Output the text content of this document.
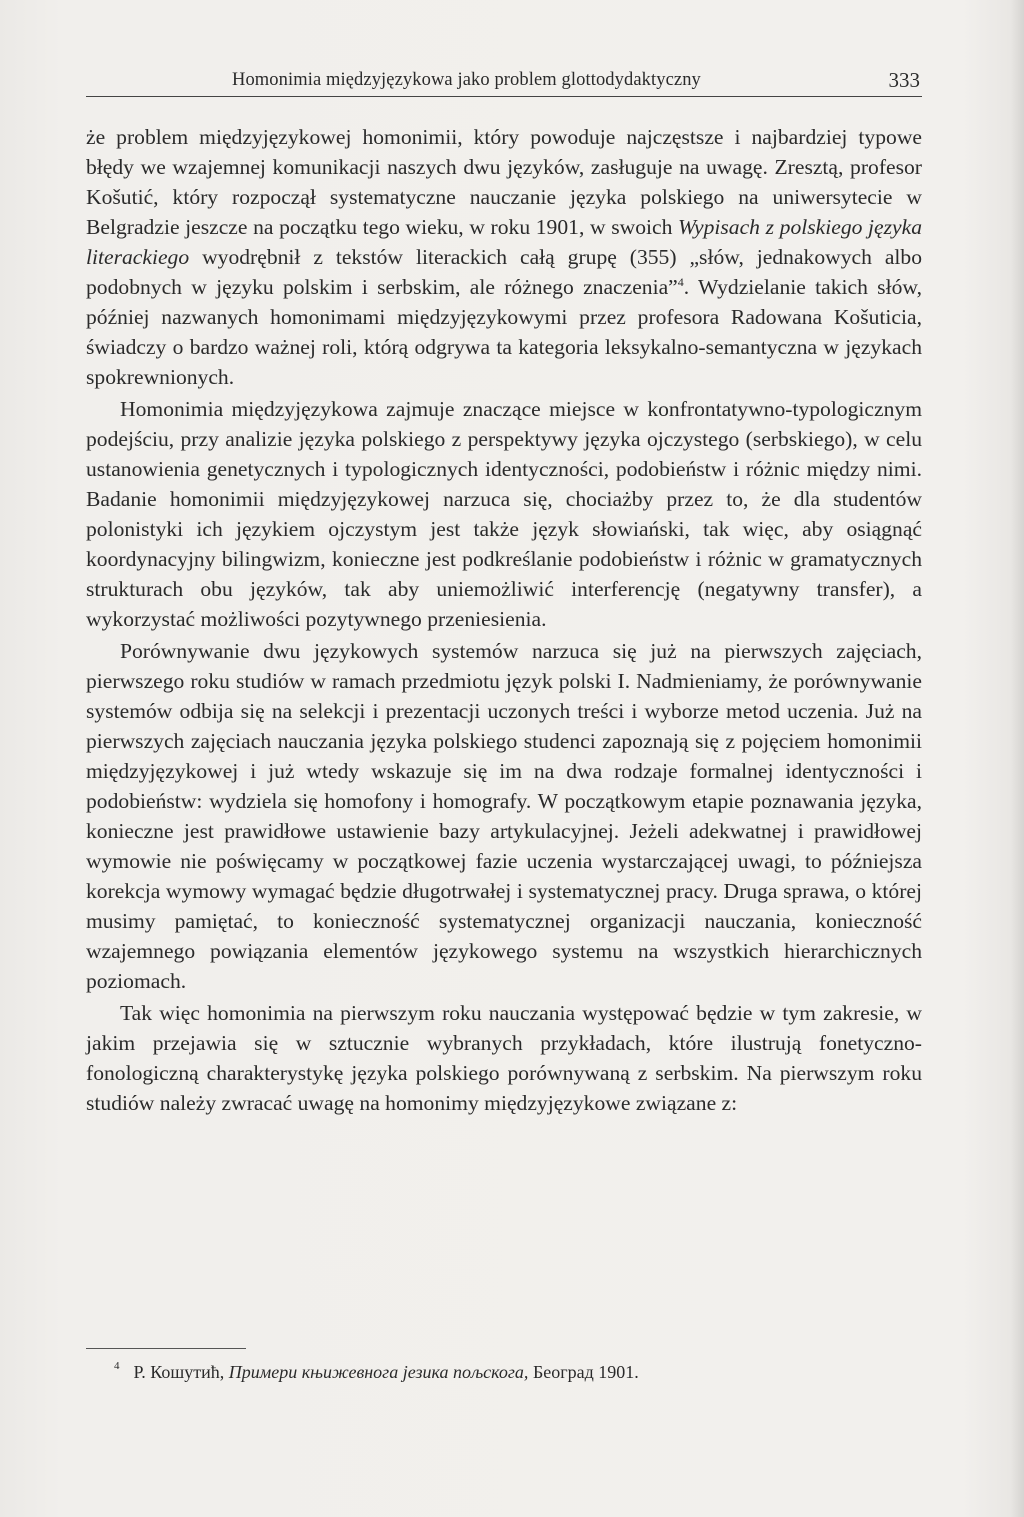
Homonimia międzyjęzykowa jako problem glottodydaktyczny	333

że problem międzyjęzykowej homonimii, który powoduje najczęstsze i najbardziej typowe błędy we wzajemnej komunikacji naszych dwu języków, zasługuje na uwagę. Zresztą, profesor Košutić, który rozpoczął systematyczne nauczanie języka polskiego na uniwersytecie w Belgradzie jeszcze na początku tego wieku, w roku 1901, w swoich Wypisach z polskiego języka literackiego wyodrębnił z tekstów literackich całą grupę (355) „słów, jednakowych albo podobnych w języku polskim i serbskim, ale różnego znaczenia”$^4$. Wydzielanie takich słów, później nazwanych homonimami międzyjęzykowymi przez profesora Radowana Košuticia, świadczy o bardzo ważnej roli, którą odgrywa ta kategoria leksykalno-semantyczna w językach spokrewnionych.

Homonimia międzyjęzykowa zajmuje znaczące miejsce w konfrontatywno-typologicznym podejściu, przy analizie języka polskiego z perspektywy języka ojczystego (serbskiego), w celu ustanowienia genetycznych i typologicznych identyczności, podobieństw i różnic między nimi. Badanie homonimii międzyjęzykowej narzuca się, chociażby przez to, że dla studentów polonistyki ich językiem ojczystym jest także język słowiański, tak więc, aby osiągnąć koordynacyjny bilingwizm, konieczne jest podkreślanie podobieństw i różnic w gramatycznych strukturach obu języków, tak aby uniemożliwić interferencję (negatywny transfer), a wykorzystać możliwości pozytywnego przeniesienia.

Porównywanie dwu językowych systemów narzuca się już na pierwszych zajęciach, pierwszego roku studiów w ramach przedmiotu język polski I. Nadmieniamy, że porównywanie systemów odbija się na selekcji i prezentacji uczonych treści i wyborze metod uczenia. Już na pierwszych zajęciach nauczania języka polskiego studenci zapoznają się z pojęciem homonimii międzyjęzykowej i już wtedy wskazuje się im na dwa rodzaje formalnej identyczności i podobieństw: wydziela się homofony i homografy. W początkowym etapie poznawania języka, konieczne jest prawidłowe ustawienie bazy artykulacyjnej. Jeżeli adekwatnej i prawidłowej wymowie nie poświęcamy w początkowej fazie uczenia wystarczającej uwagi, to późniejsza korekcja wymowy wymagać będzie długotrwałej i systematycznej pracy. Druga sprawa, o której musimy pamiętać, to konieczność systematycznej organizacji nauczania, konieczność wzajemnego powiązania elementów językowego systemu na wszystkich hierarchicznych poziomach.

Tak więc homonimia na pierwszym roku nauczania występować będzie w tym zakresie, w jakim przejawia się w sztucznie wybranych przykładach, które ilustrują fonetyczno-fonologiczną charakterystykę języka polskiego porównywaną z serbskim. Na pierwszym roku studiów należy zwracać uwagę na homonimy międzyjęzykowe związane z:

$^4$ Р. Кошутић, Примери књижевнога језика пољскога, Београд 1901.
